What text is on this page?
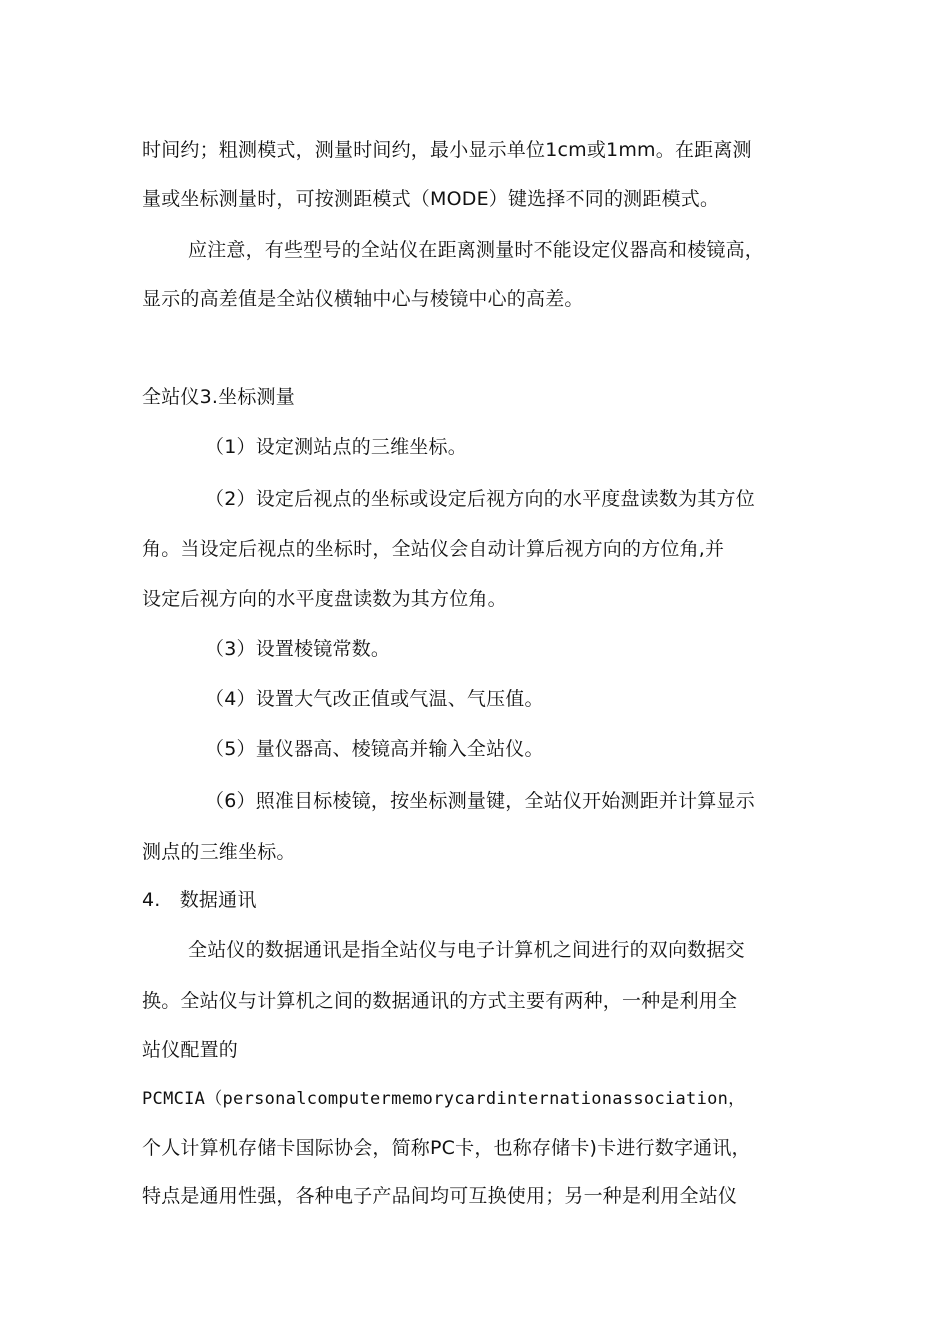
时间约；粗测模式，测量时间约，最小显示单位1cm或1mm。在距离测
量或坐标测量时，可按测距模式（MODE）键选择不同的测距模式。
应注意，有些型号的全站仪在距离测量时不能设定仪器高和棱镜高，
显示的高差值是全站仪横轴中心与棱镜中心的高差。
全站仪3.坐标测量
（1）设定测站点的三维坐标。
（2）设定后视点的坐标或设定后视方向的水平度盘读数为其方位
角。当设定后视点的坐标时，全站仪会自动计算后视方向的方位角,并
设定后视方向的水平度盘读数为其方位角。
（3）设置棱镜常数。
（4）设置大气改正值或气温、气压值。
（5）量仪器高、棱镜高并输入全站仪。
（6）照准目标棱镜，按坐标测量键，全站仪开始测距并计算显示
测点的三维坐标。
4.　数据通讯
全站仪的数据通讯是指全站仪与电子计算机之间进行的双向数据交
换。全站仪与计算机之间的数据通讯的方式主要有两种，一种是利用全
站仪配置的
PCMCIA（personalcomputermemorycardinternationassociation，
个人计算机存储卡国际协会，简称PC卡，也称存储卡)卡进行数字通讯，
特点是通用性强，各种电子产品间均可互换使用；另一种是利用全站仪
